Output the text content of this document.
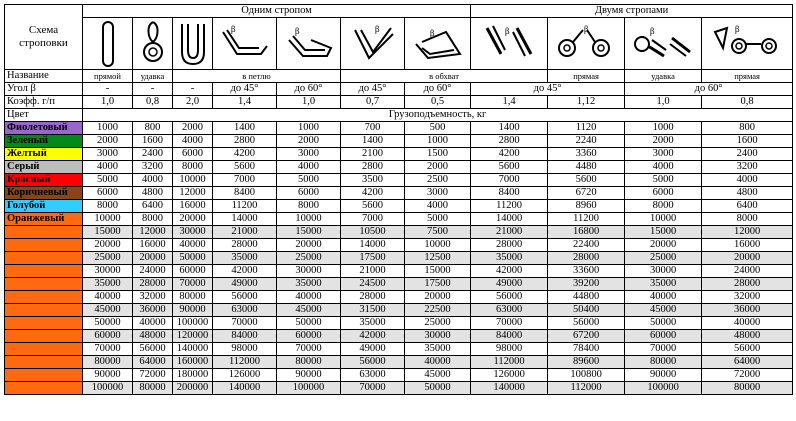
Схема строповки	Одним стропом							Двумя стропами				

β	β	β	β	β	β	β	β	

Название	прямой	удавка	в петлю			в обхват			прямая	удавка	прямая	
Угол β	-	-	-	до 45°	до 60°	до 45°	до 60°	до 45°		до 60°		
Коэфф. г/п	1,0	0,8	2,0	1,4	1,0	0,7	0,5	1,4	1,12	1,0	0,8	
Цвет	Грузоподъемность, кг											
Фиолетовый	1000	800	2000	1400	1000	700	500	1400	1120	1000	800	
Зеленый	2000	1600	4000	2800	2000	1400	1000	2800	2240	2000	1600	
Желтый	3000	2400	6000	4200	3000	2100	1500	4200	3360	3000	2400	
Серый	4000	3200	8000	5600	4000	2800	2000	5600	4480	4000	3200	
Красный	5000	4000	10000	7000	5000	3500	2500	7000	5600	5000	4000	
Коричневый	6000	4800	12000	8400	6000	4200	3000	8400	6720	6000	4800	
Голубой	8000	6400	16000	11200	8000	5600	4000	11200	8960	8000	6400	
Оранжевый	10000	8000	20000	14000	10000	7000	5000	14000	11200	10000	8000	
	15000	12000	30000	21000	15000	10500	7500	21000	16800	15000	12000	
	20000	16000	40000	28000	20000	14000	10000	28000	22400	20000	16000	
	25000	20000	50000	35000	25000	17500	12500	35000	28000	25000	20000	
	30000	24000	60000	42000	30000	21000	15000	42000	33600	30000	24000	
	35000	28000	70000	49000	35000	24500	17500	49000	39200	35000	28000	
	40000	32000	80000	56000	40000	28000	20000	56000	44800	40000	32000	
	45000	36000	90000	63000	45000	31500	22500	63000	50400	45000	36000	
	50000	40000	100000	70000	50000	35000	25000	70000	56000	50000	40000	
	60000	48000	120000	84000	60000	42000	30000	84000	67200	60000	48000	
	70000	56000	140000	98000	70000	49000	35000	98000	78400	70000	56000	
	80000	64000	160000	112000	80000	56000	40000	112000	89600	80000	64000	
	90000	72000	180000	126000	90000	63000	45000	126000	100800	90000	72000	
	100000	80000	200000	140000	100000	70000	50000	140000	112000	100000	80000	
